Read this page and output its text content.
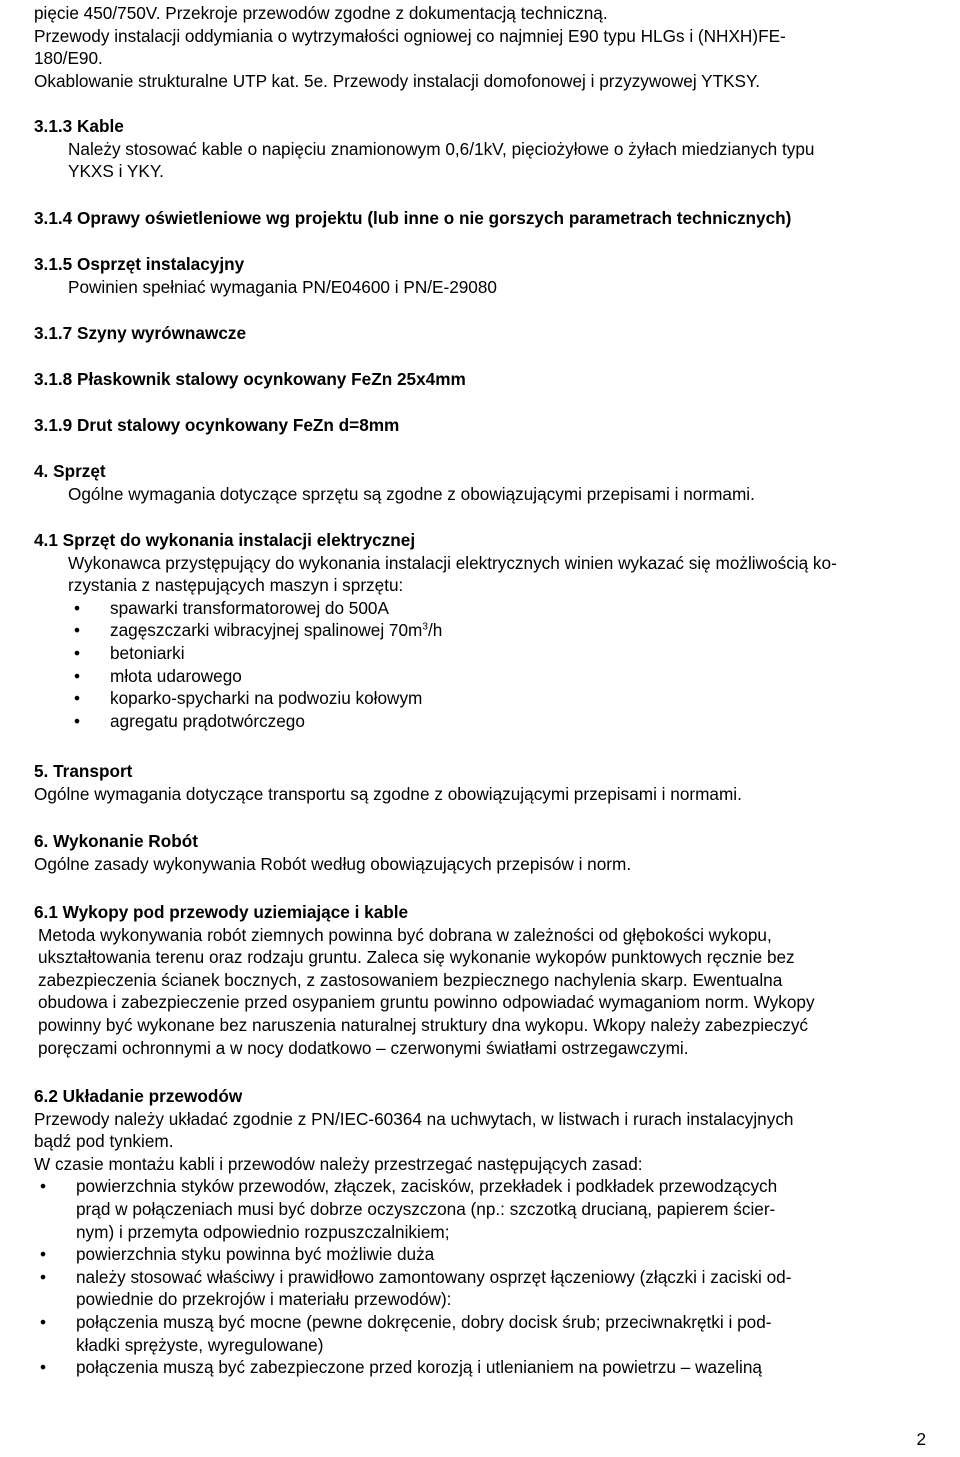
pięcie 450/750V. Przekroje przewodów zgodne z dokumentacją techniczną.

Przewody instalacji oddymiania o wytrzymałości ogniowej co najmniej E90 typu HLGs i (NHXH)FE-

180/E90.

Okablowanie strukturalne UTP kat. 5e. Przewody instalacji domofonowej i przyzywowej YTKSY.

3.1.3 Kable

Należy stosować kable o napięciu znamionowym 0,6/1kV, pięciożyłowe o żyłach miedzianych typu

YKXS i YKY.

3.1.4 Oprawy oświetleniowe wg projektu (lub inne o nie gorszych parametrach technicznych)

3.1.5 Osprzęt instalacyjny

Powinien spełniać wymagania PN/E04600 i PN/E-29080

3.1.7 Szyny wyrównawcze

3.1.8 Płaskownik stalowy ocynkowany FeZn 25x4mm

3.1.9 Drut stalowy ocynkowany FeZn d=8mm

4. Sprzęt

Ogólne wymagania dotyczące sprzętu są zgodne z obowiązującymi przepisami i normami.

4.1 Sprzęt do wykonania instalacji elektrycznej

Wykonawca przystępujący do wykonania instalacji elektrycznych winien wykazać się możliwością ko-

rzystania z następujących maszyn i sprzętu:

• spawarki transformatorowej do 500A
• zagęszczarki wibracyjnej spalinowej $70m^3/h$
• betoniarki
• młota udarowego
• koparko-spycharki na podwoziu kołowym
• agregatu prądotwórczego

5. Transport

Ogólne wymagania dotyczące transportu są zgodne z obowiązującymi przepisami i normami.

6. Wykonanie Robót

Ogólne zasady wykonywania Robót według obowiązujących przepisów i norm.

6.1 Wykopy pod przewody uziemiające i kable

Metoda wykonywania robót ziemnych powinna być dobrana w zależności od głębokości wykopu,

ukształtowania terenu oraz rodzaju gruntu. Zaleca się wykonanie wykopów punktowych ręcznie bez

zabezpieczenia ścianek bocznych, z zastosowaniem bezpiecznego nachylenia skarp. Ewentualna

obudowa i zabezpieczenie przed osypaniem gruntu powinno odpowiadać wymaganiom norm. Wykopy

powinny być wykonane bez naruszenia naturalnej struktury dna wykopu. Wkopy należy zabezpieczyć

poręczami ochronnymi a w nocy dodatkowo – czerwonymi światłami ostrzegawczymi.

6.2 Układanie przewodów

Przewody należy układać zgodnie z PN/IEC-60364 na uchwytach, w listwach i rurach instalacyjnych

bądź pod tynkiem.

W czasie montażu kabli i przewodów należy przestrzegać następujących zasad:

• powierzchnia styków przewodów, złączek, zacisków, przekładek i podkładek przewodzących
prąd w połączeniach musi być dobrze oczyszczona (np.: szczotką drucianą, papierem ścier-
nym) i przemyta odpowiednio rozpuszczalnikiem;
• powierzchnia styku powinna być możliwie duża
• należy stosować właściwy i prawidłowo zamontowany osprzęt łączeniowy (złączki i zaciski od-
powiednie do przekrojów i materiału przewodów):
• połączenia muszą być mocne (pewne dokręcenie, dobry docisk śrub; przeciwnakrętki i pod-
kładki sprężyste, wyregulowane)
• połączenia muszą być zabezpieczone przed korozją i utlenianiem na powietrzu – wazeliną
2
